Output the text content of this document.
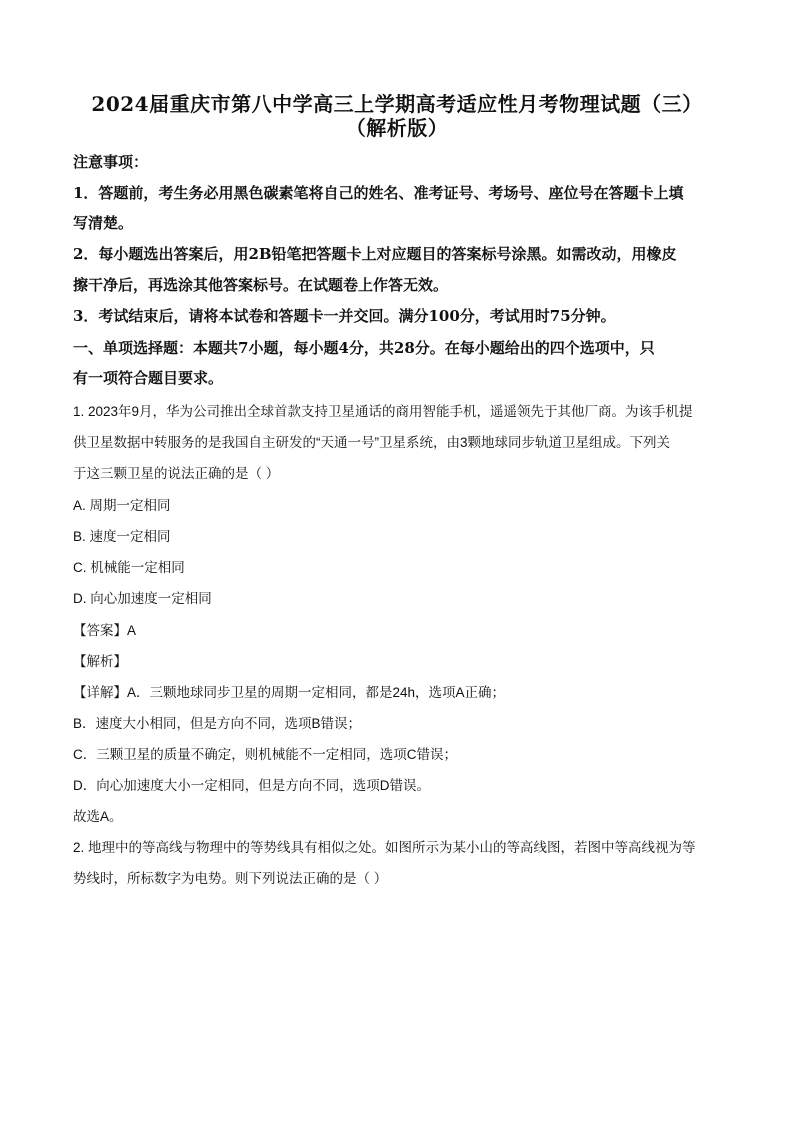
2024届重庆市第八中学高三上学期高考适应性月考物理试题（三）
（解析版）
注意事项：
1．答题前，考生务必用黑色碳素笔将自己的姓名、准考证号、考场号、座位号在答题卡上填
写清楚。
2．每小题选出答案后，用2B铅笔把答题卡上对应题目的答案标号涂黑。如需改动，用橡皮
擦干净后，再选涂其他答案标号。在试题卷上作答无效。
3．考试结束后，请将本试卷和答题卡一并交回。满分100分，考试用时75分钟。
一、单项选择题：本题共7小题，每小题4分，共28分。在每小题给出的四个选项中，只
有一项符合题目要求。
1. 2023年9月，华为公司推出全球首款支持卫星通话的商用智能手机，遥遥领先于其他厂商。为该手机提
供卫星数据中转服务的是我国自主研发的“天通一号”卫星系统，由3颗地球同步轨道卫星组成。下列关
于这三颗卫星的说法正确的是（ ）
A. 周期一定相同
B. 速度一定相同
C. 机械能一定相同
D. 向心加速度一定相同
【答案】A
【解析】
【详解】A．三颗地球同步卫星的周期一定相同，都是24h，选项A正确；
B．速度大小相同，但是方向不同，选项B错误；
C．三颗卫星的质量不确定，则机械能不一定相同，选项C错误；
D．向心加速度大小一定相同，但是方向不同，选项D错误。
故选A。
2. 地理中的等高线与物理中的等势线具有相似之处。如图所示为某小山的等高线图，若图中等高线视为等
势线时，所标数字为电势。则下列说法正确的是（ ）
